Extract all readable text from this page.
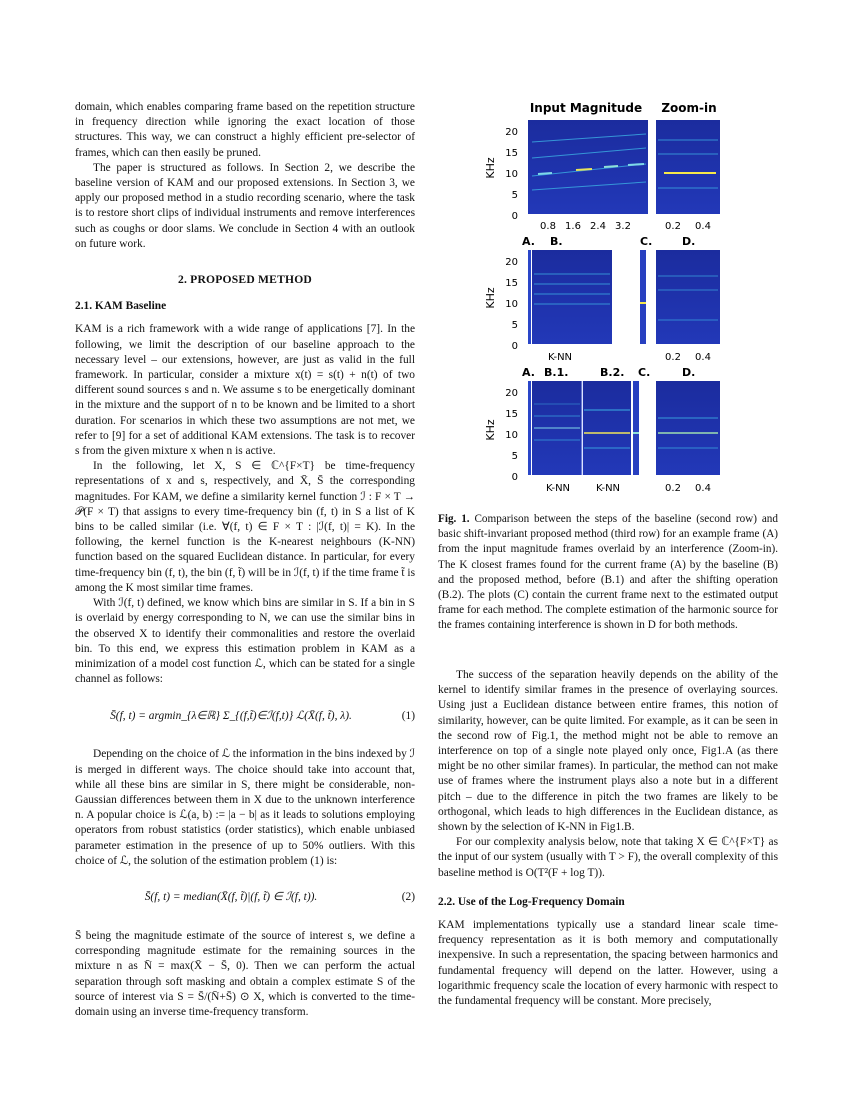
domain, which enables comparing frame based on the repetition structure in frequency direction while ignoring the exact location of those structures. This way, we can construct a highly efficient pre-selector of frames, which can then easily be pruned.

The paper is structured as follows. In Section 2, we describe the baseline version of KAM and our proposed extensions. In Section 3, we apply our proposed method in a studio recording scenario, where the task is to restore short clips of individual instruments and remove interferences such as coughs or door slams. We conclude in Section 4 with an outlook on future work.

2. PROPOSED METHOD
2.1. KAM Baseline

KAM is a rich framework with a wide range of applications [7]. In the following, we limit the description of our baseline approach to the necessary level – our extensions, however, are just as valid in the full framework. In particular, consider a mixture x(t) = s(t) + n(t) of two different sound sources s and n. We assume s to be energetically dominant in the mixture and the support of n to be known and be limited to a short duration. For scenarios in which these two assumptions are not met, we refer to [9] for a set of additional KAM extensions. The task is to recover s from the given mixture x when n is active.

In the following, let X, S ∈ ℂ^{F×T} be time-frequency representations of x and s, respectively, and X̄, S̄ the corresponding magnitudes. For KAM, we define a similarity kernel function ℐ : F × T → 𝒫(F × T) that assigns to every time-frequency bin (f, t) in S a list of K bins to be called similar (i.e. ∀(f, t) ∈ F × T : |ℐ(f, t)| = K). In the following, the kernel function is the K-nearest neighbours (K-NN) function based on the squared Euclidean distance. In particular, for every time-frequency bin (f, t), the bin (f, t̃) will be in ℐ(f, t) if the time frame t̃ is among the K most similar time frames.

With ℐ(f, t) defined, we know which bins are similar in S. If a bin in S is overlaid by energy corresponding to N, we can use the similar bins in the observed X to identify their commonalities and restore the overlaid bin. To this end, we express this estimation problem in KAM as a minimization of a model cost function ℒ, which can be stated for a single channel as follows:

S̄(f, t) = argmin_{λ∈ℝ} Σ_{(f,t̃)∈ℐ(f,t)} ℒ(X̄(f, t̃), λ).	(1)

Depending on the choice of ℒ the information in the bins indexed by ℐ is merged in different ways. The choice should take into account that, while all these bins are similar in S, there might be considerable, non-Gaussian differences between them in X due to the unknown interference n. A popular choice is ℒ(a, b) := |a − b| as it leads to solutions employing operators from robust statistics (order statistics), which enable unbiased parameter estimation in the presence of up to 50% outliers. With this choice of ℒ, the solution of the estimation problem (1) is:

S̄(f, t) = median(X̄(f, t̃)|(f, t̃) ∈ ℐ(f, t)).	(2)

S̄ being the magnitude estimate of the source of interest s, we define a corresponding magnitude estimate for the remaining sources in the mixture n as N̄ = max(X̄ − S̄, 0). Then we can perform the actual separation through soft masking and obtain a complex estimate S of the source of interest via S = S̄/(N̄+S̄) ⊙ X, which is converted to the time-domain using an inverse time-frequency transform.

Input Magnitude Zoom-in
KHz
20
15
10
5
0
0.8 1.6 2.4 3.2	0.2 0.4
A. B.	C.	D.
KHz
20
15
10
5
0
K-NN	0.2 0.4
A. B.1.	B.2. C.	D.
KHz
20
15
10
5
0
K-NN	K-NN	0.2 0.4
Fig. 1. Comparison between the steps of the baseline (second row) and basic shift-invariant proposed method (third row) for an example frame (A) from the input magnitude frames overlaid by an interference (Zoom-in). The K closest frames found for the current frame (A) by the baseline (B) and the proposed method, before (B.1) and after the shifting operation (B.2). The plots (C) contain the current frame next to the estimated output frame for each method. The complete estimation of the harmonic source for the frames containing interference is shown in D for both methods.

The success of the separation heavily depends on the ability of the kernel to identify similar frames in the presence of overlaying sources. Using just a Euclidean distance between entire frames, this notion of similarity, however, can be quite limited. For example, as it can be seen in the second row of Fig.1, the method might not be able to remove an interference on top of a single note played only once, Fig1.A (as there might be no other similar frames). In particular, the method can not make use of frames where the instrument plays also a note but in a different pitch – due to the difference in pitch the two frames are likely to be orthogonal, which leads to high differences in the Euclidean distance, as shown by the selection of K-NN in Fig1.B.

For our complexity analysis below, note that taking X ∈ ℂ^{F×T} as the input of our system (usually with T > F), the overall complexity of this baseline method is O(T²(F + log T)).

2.2. Use of the Log-Frequency Domain

KAM implementations typically use a standard linear scale time-frequency representation as it is both memory and computationally inexpensive. In such a representation, the spacing between harmonics and fundamental frequency will depend on the latter. However, using a logarithmic frequency scale the location of every harmonic with respect to the fundamental frequency will be constant. More precisely,
